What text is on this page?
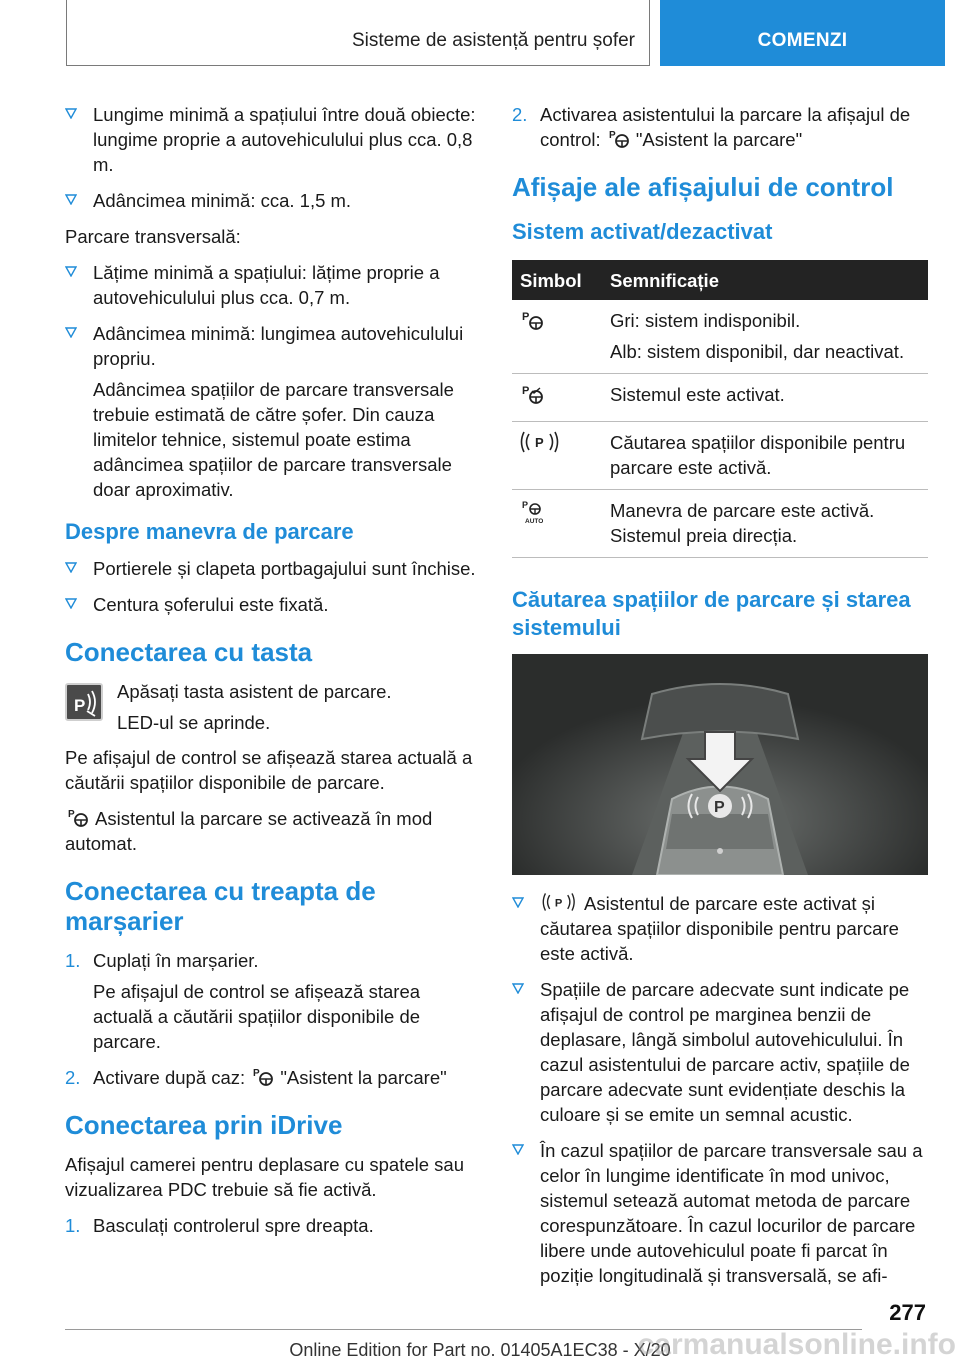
Sisteme de asistență pentru șofer	COMENZI
Lungime minimă a spațiului între două obiecte: lungime proprie a autovehiculului plus cca. 0,8 m.
Adâncimea minimă: cca. 1,5 m.

Parcare transversală:

Lățime minimă a spațiului: lățime proprie a autovehiculului plus cca. 0,7 m.
Adâncimea minimă: lungimea autovehiculului propriu.
Adâncimea spațiilor de parcare transversale trebuie estimată de către șofer. Din cauza limitelor tehnice, sistemul poate estima adâncimea spațiilor de parcare transversale doar aproximativ.
Despre manevra de parcare
Portierele și clapeta portbagajului sunt închise.
Centura șoferului este fixată.
Conectarea cu tasta
P

Apăsați tasta asistent de parcare.

LED-ul se aprinde.

Pe afișajul de control se afișează starea actuală a căutării spațiilor disponibile de parcare.

P Asistentul la parcare se activează în mod automat.

Conectarea cu treapta de marșarier
1. Cuplați în marșarier.
Pe afișajul de control se afișează starea actuală a căutării spațiilor disponibile de parcare.
2. Activare după caz: P "Asistent la parcare"
Conectarea prin iDrive

Afișajul camerei pentru deplasare cu spatele sau vizualizarea PDC trebuie să fie activă.

1. Basculați controlerul spre dreapta.
2. Activarea asistentului la parcare la afișajul de control: P "Asistent la parcare"
Afișaje ale afișajului de control
Sistem activat/dezactivat
Simbol	Semnificație

P	Gri: sistem indisponibil.

Alb: sistem disponibil, dar neactivat.

P	Sistemul este activat.

P	Căutarea spațiilor disponibile pentru parcare este activă.

P
AUTO	Manevra de parcare este activă. Sistemul preia direcția.
Căutarea spațiilor de parcare și starea sistemului
P
P Asistentul de parcare este activat și căutarea spațiilor disponibile pentru parcare este activă.
Spațiile de parcare adecvate sunt indicate pe afișajul de control pe marginea benzii de deplasare, lângă simbolul autovehiculului. În cazul asistentului de parcare activ, spațiile de parcare adecvate sunt evidențiate deschis la culoare și se emite un semnal acustic.
În cazul spațiilor de parcare transversale sau a celor în lungime identificate în mod univoc, sistemul setează automat metoda de parcare corespunzătoare. În cazul locurilor de parcare libere unde autovehiculul poate fi parcat în poziție longitudinală și transversală, se afi-
277
Online Edition for Part no. 01405A1EC38 - X/20
carmanualsonline.info
